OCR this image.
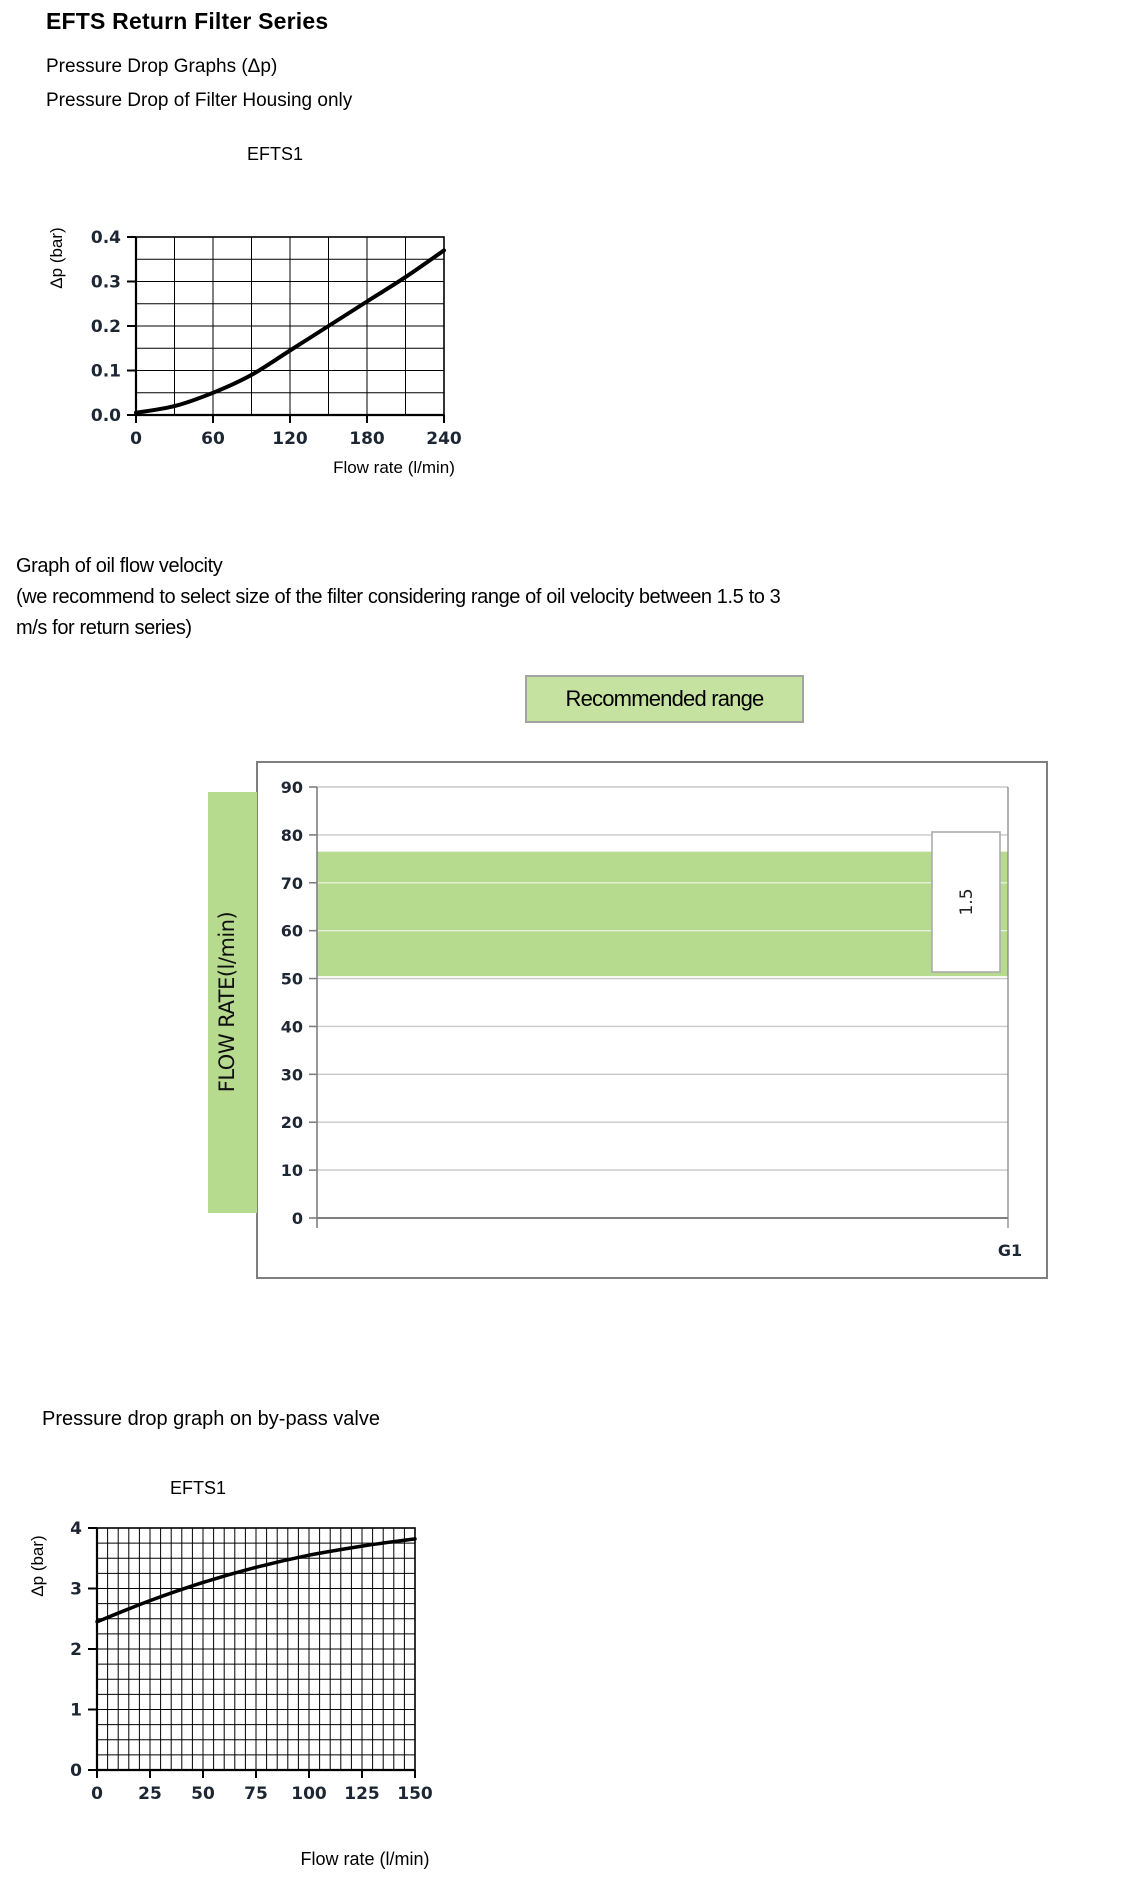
EFTS Return Filter Series
Pressure Drop Graphs (Δp)
Pressure Drop of Filter Housing only
EFTS1
Δp (bar)
0	60	120 180 240
0.0
0.1
0.2
0.3
0.4
Flow rate (l/min)
Graph of oil flow velocity
(we recommend to select size of the filter considering range of oil velocity between 1.5 to 3
m/s for return series)
Recommended range
FLOW RATE(l/min)
0
10
20
30
40
50
60
70
80
90
G1
1.5
Pressure drop graph on by-pass valve
EFTS1
Δp (bar)
0 25 50 75 100 125 150
0
1
2
3
4
Flow rate (l/min)
